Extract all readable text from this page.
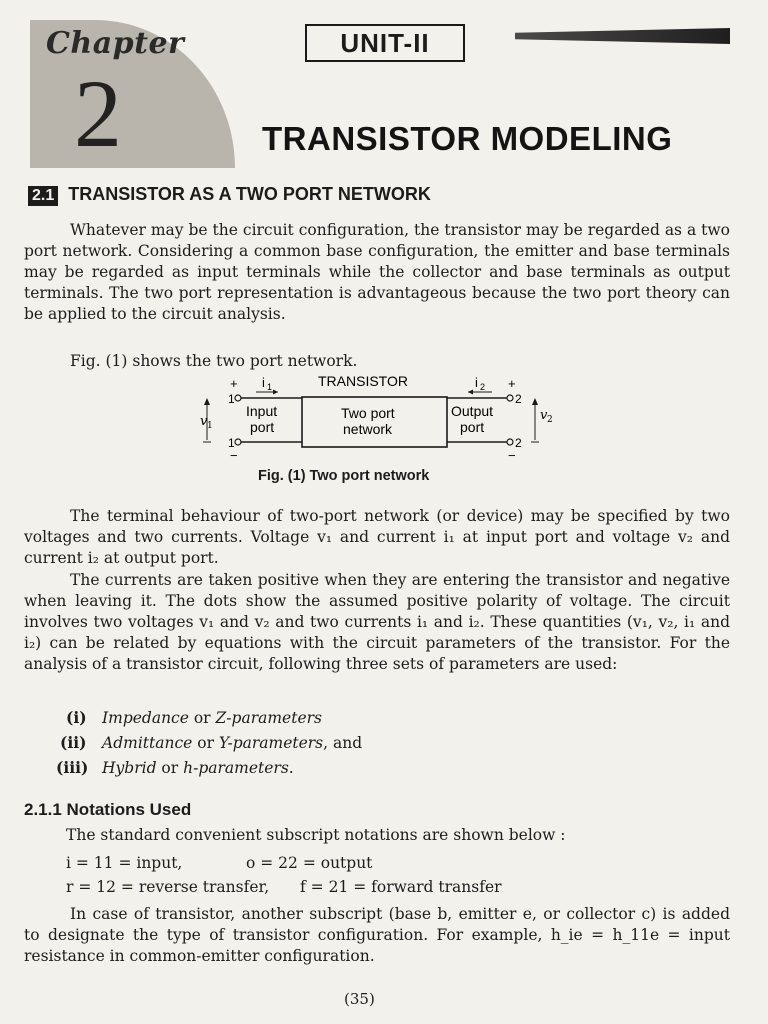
Chapter
2
UNIT-II
TRANSISTOR MODELING
2.1 TRANSISTOR AS A TWO PORT NETWORK
Whatever may be the circuit configuration, the transistor may be regarded as a two port network. Considering a common base configuration, the emitter and base terminals may be regarded as input terminals while the collector and base terminals as output terminals. The two port representation is advantageous because the two port theory can be applied to the circuit analysis.
Fig. (1) shows the two port network.
TRANSISTOR
Two port
network
Input
port
1
1
+
−
i 1
v 1
Output
port
2
2
+
−
i 2
v 2
Fig. (1) Two port network
The terminal behaviour of two-port network (or device) may be specified by two voltages and two currents. Voltage v₁ and current i₁ at input port and voltage v₂ and current i₂ at output port.
The currents are taken positive when they are entering the transistor and negative when leaving it. The dots show the assumed positive polarity of voltage. The circuit involves two voltages v₁ and v₂ and two currents i₁ and i₂. These quantities (v₁, v₂, i₁ and i₂) can be related by equations with the circuit parameters of the transistor. For the analysis of a transistor circuit, following three sets of parameters are used:
(i) Impedance or Z-parameters
(ii) Admittance or Y-parameters, and
(iii) Hybrid or h-parameters.
2.1.1 Notations Used
The standard convenient subscript notations are shown below :
i = 11 = input,	o = 22 = output
r = 12 = reverse transfer, f = 21 = forward transfer
In case of transistor, another subscript (base b, emitter e, or collector c) is added to designate the type of transistor configuration. For example, h_ie = h_11e = input resistance in common-emitter configuration.
(35)
